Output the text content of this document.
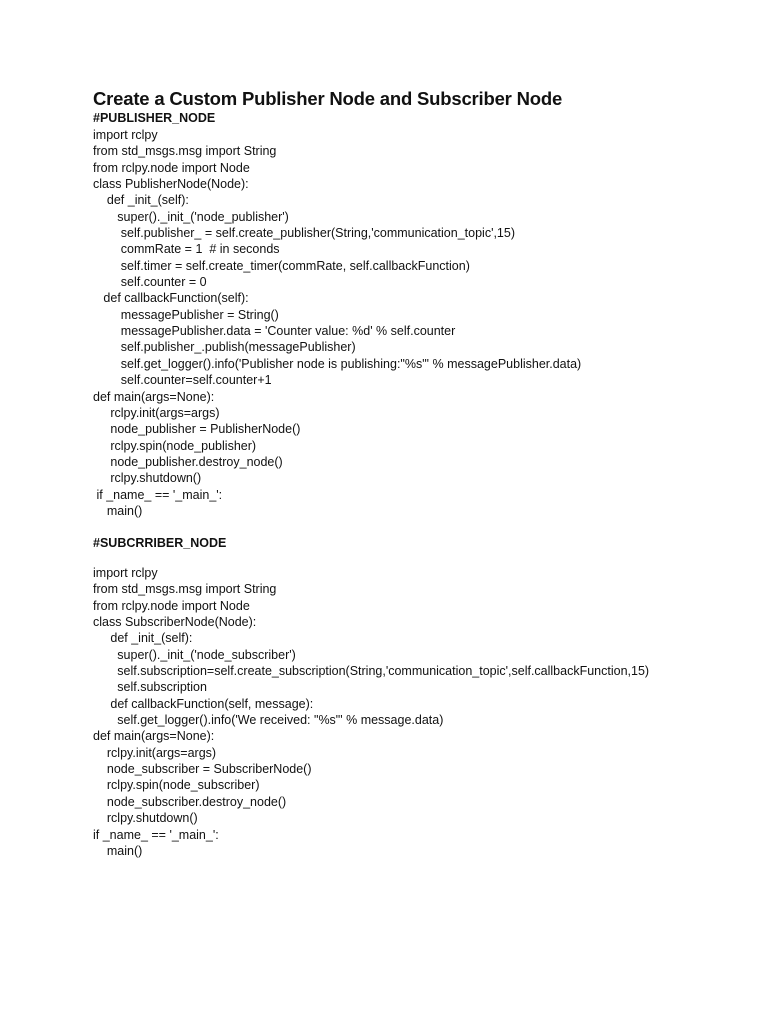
Create a Custom Publisher Node and Subscriber Node
#PUBLISHER_NODE
import rclpy
from std_msgs.msg import String
from rclpy.node import Node
class PublisherNode(Node):
def _init_(self):
super()._init_('node_publisher')
self.publisher_ = self.create_publisher(String,'communication_topic',15)
commRate = 1  # in seconds
self.timer = self.create_timer(commRate, self.callbackFunction)
self.counter = 0
def callbackFunction(self):
messagePublisher = String()
messagePublisher.data = 'Counter value: %d' % self.counter
self.publisher_.publish(messagePublisher)
self.get_logger().info('Publisher node is publishing:"%s"' % messagePublisher.data)
self.counter=self.counter+1
def main(args=None):
rclpy.init(args=args)
node_publisher = PublisherNode()
rclpy.spin(node_publisher)
node_publisher.destroy_node()
rclpy.shutdown()
if _name_ == '_main_':
main()
#SUBCRRIBER_NODE
import rclpy
from std_msgs.msg import String
from rclpy.node import Node
class SubscriberNode(Node):
def _init_(self):
super()._init_('node_subscriber')
self.subscription=self.create_subscription(String,'communication_topic',self.callbackFunction,15)
self.subscription
def callbackFunction(self, message):
self.get_logger().info('We received: "%s"' % message.data)
def main(args=None):
rclpy.init(args=args)
node_subscriber = SubscriberNode()
rclpy.spin(node_subscriber)
node_subscriber.destroy_node()
rclpy.shutdown()
if _name_ == '_main_':
main()
